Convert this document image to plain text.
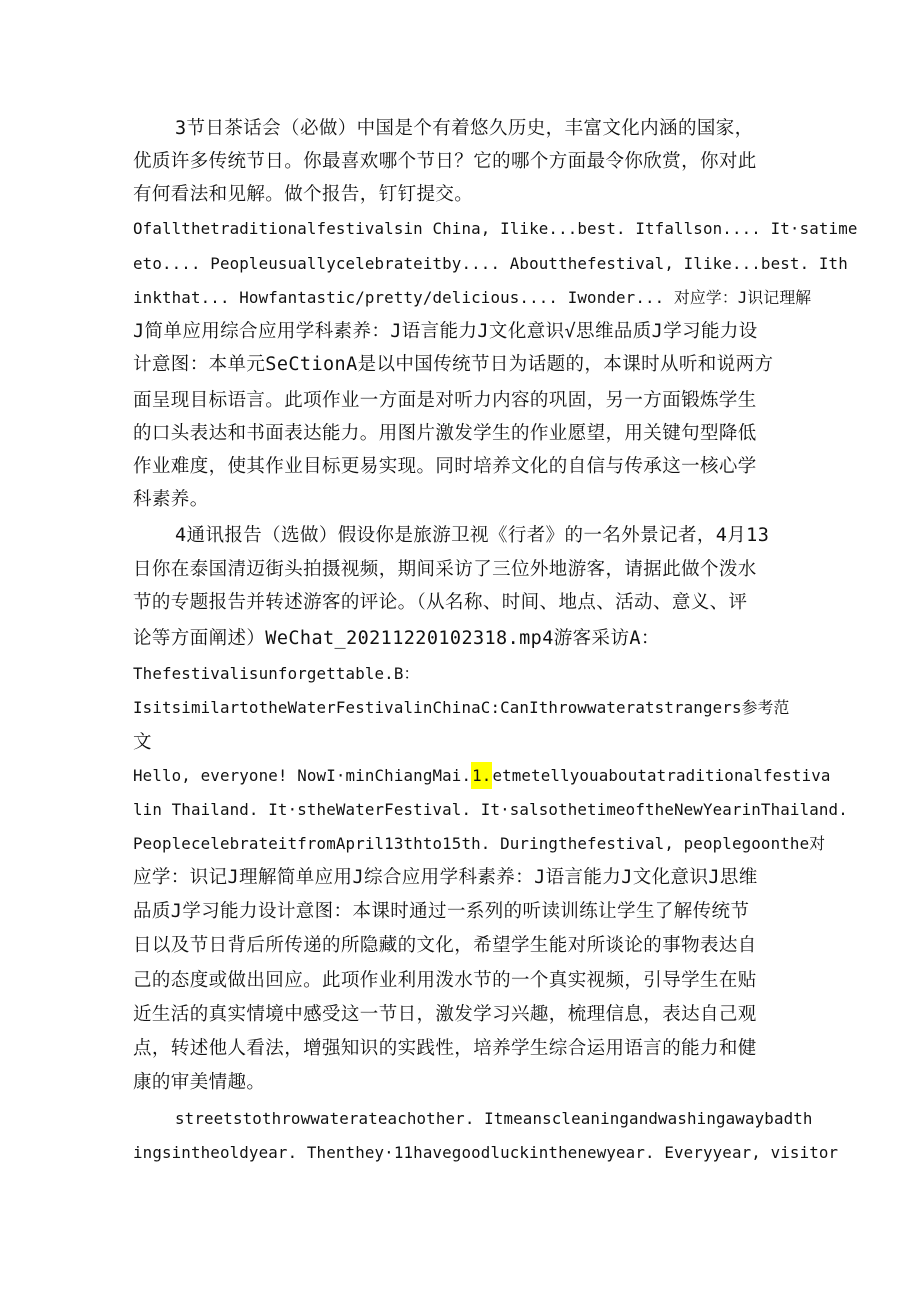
3节日茶话会（必做）中国是个有着悠久历史，丰富文化内涵的国家，
优质许多传统节日。你最喜欢哪个节日？它的哪个方面最令你欣赏，你对此
有何看法和见解。做个报告，钉钉提交。
Ofallthetraditionalfestivalsin China, Ilike...best. Itfallson.... It·satime
eto.... Peopleusuallycelebrateitby.... Aboutthefestival, Ilike...best. Ith
inkthat... Howfantastic/pretty/delicious.... Iwonder... 对应学：J识记理解
J简单应用综合应用学科素养：J语言能力J文化意识√思维品质J学习能力设
计意图：本单元SeCtionA是以中国传统节日为话题的，本课时从听和说两方
面呈现目标语言。此项作业一方面是对听力内容的巩固，另一方面锻炼学生
的口头表达和书面表达能力。用图片激发学生的作业愿望，用关键句型降低
作业难度，使其作业目标更易实现。同时培养文化的自信与传承这一核心学
科素养。
4通讯报告（选做）假设你是旅游卫视《行者》的一名外景记者，4月13
日你在泰国清迈街头拍摄视频，期间采访了三位外地游客，请据此做个泼水
节的专题报告并转述游客的评论。（从名称、时间、地点、活动、意义、评
论等方面阐述）WeChat_20211220102318.mp4游客采访A：
Thefestivalisunforgettable.B：
IsitsimilartotheWaterFestivalinChinaC:CanIthrowwateratstrangers参考范
文
Hello, everyone! NowI·minChiangMai.1.etmetellyouaboutatraditionalfestiva
lin Thailand. It·stheWaterFestival. It·salsothetimeoftheNewYearinThailand.
PeoplecelebrateitfromApril13thto15th. Duringthefestival, peoplegoonthe对
应学：识记J理解简单应用J综合应用学科素养：J语言能力J文化意识J思维
品质J学习能力设计意图：本课时通过一系列的听读训练让学生了解传统节
日以及节日背后所传递的所隐藏的文化，希望学生能对所谈论的事物表达自
己的态度或做出回应。此项作业利用泼水节的一个真实视频，引导学生在贴
近生活的真实情境中感受这一节日，激发学习兴趣，梳理信息，表达自己观
点，转述他人看法，增强知识的实践性，培养学生综合运用语言的能力和健
康的审美情趣。
streetstothrowwaterateachother. Itmeanscleaningandwashingawaybadth
ingsintheoldyear. Thenthey·11havegoodluckinthenewyear. Everyyear, visitor
